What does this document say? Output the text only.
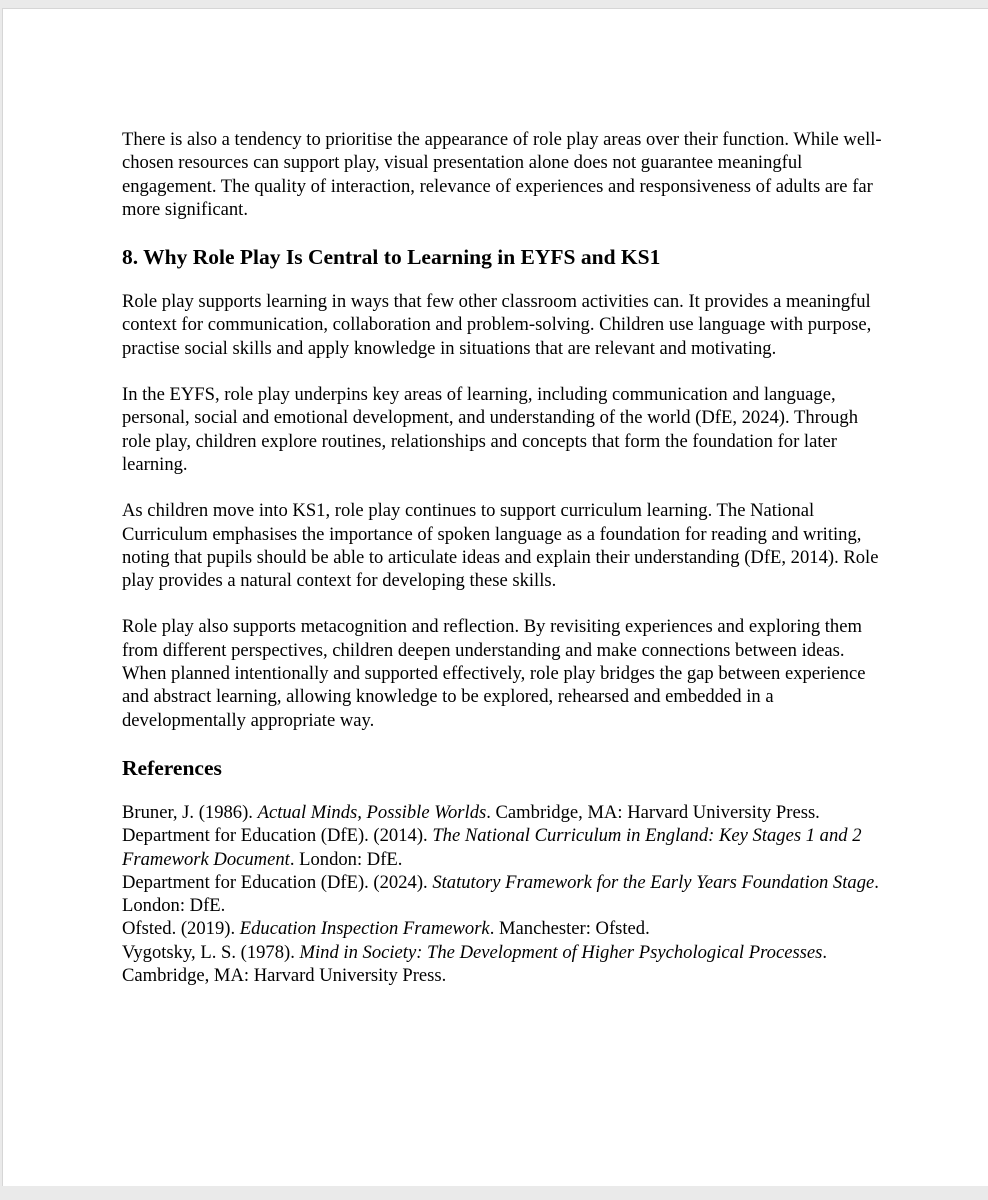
There is also a tendency to prioritise the appearance of role play areas over their function. While well-chosen resources can support play, visual presentation alone does not guarantee meaningful engagement. The quality of interaction, relevance of experiences and responsiveness of adults are far more significant.

8. Why Role Play Is Central to Learning in EYFS and KS1

Role play supports learning in ways that few other classroom activities can. It provides a meaningful context for communication, collaboration and problem-solving. Children use language with purpose, practise social skills and apply knowledge in situations that are relevant and motivating.

In the EYFS, role play underpins key areas of learning, including communication and language, personal, social and emotional development, and understanding of the world (DfE, 2024). Through role play, children explore routines, relationships and concepts that form the foundation for later learning.

As children move into KS1, role play continues to support curriculum learning. The National Curriculum emphasises the importance of spoken language as a foundation for reading and writing, noting that pupils should be able to articulate ideas and explain their understanding (DfE, 2014). Role play provides a natural context for developing these skills.

Role play also supports metacognition and reflection. By revisiting experiences and exploring them from different perspectives, children deepen understanding and make connections between ideas. When planned intentionally and supported effectively, role play bridges the gap between experience and abstract learning, allowing knowledge to be explored, rehearsed and embedded in a developmentally appropriate way.

References

Bruner, J. (1986). Actual Minds, Possible Worlds. Cambridge, MA: Harvard University Press.

Department for Education (DfE). (2014). The National Curriculum in England: Key Stages 1 and 2 Framework Document. London: DfE.

Department for Education (DfE). (2024). Statutory Framework for the Early Years Foundation Stage. London: DfE.

Ofsted. (2019). Education Inspection Framework. Manchester: Ofsted.

Vygotsky, L. S. (1978). Mind in Society: The Development of Higher Psychological Processes. Cambridge, MA: Harvard University Press.
